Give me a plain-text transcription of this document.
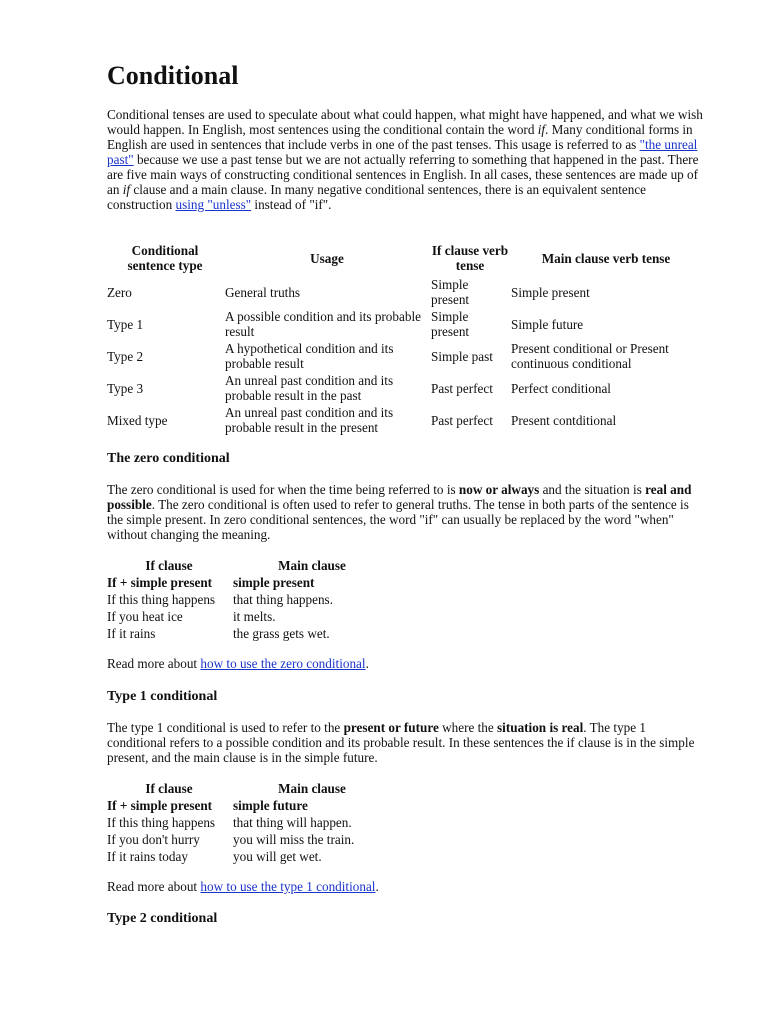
Conditional

Conditional tenses are used to speculate about what could happen, what might have happened, and what we wish would happen. In English, most sentences using the conditional contain the word if. Many conditional forms in English are used in sentences that include verbs in one of the past tenses. This usage is referred to as "the unreal past" because we use a past tense but we are not actually referring to something that happened in the past. There are five main ways of constructing conditional sentences in English. In all cases, these sentences are made up of an if clause and a main clause. In many negative conditional sentences, there is an equivalent sentence construction using "unless" instead of "if".

Conditional sentence type	Usage	If clause verb tense	Main clause verb tense
Zero	General truths	Simple present	Simple present
Type 1	A possible condition and its probable result	Simple present	Simple future
Type 2	A hypothetical condition and its probable result	Simple past	Present conditional or Present continuous conditional
Type 3	An unreal past condition and its probable result in the past	Past perfect	Perfect conditional
Mixed type	An unreal past condition and its probable result in the present	Past perfect	Present contditional
The zero conditional

The zero conditional is used for when the time being referred to is now or always and the situation is real and possible. The zero conditional is often used to refer to general truths. The tense in both parts of the sentence is the simple present. In zero conditional sentences, the word "if" can usually be replaced by the word "when" without changing the meaning.

If clause	Main clause
If + simple present	simple present
If this thing happens	that thing happens.
If you heat ice	it melts.
If it rains	the grass gets wet.

Read more about how to use the zero conditional.

Type 1 conditional

The type 1 conditional is used to refer to the present or future where the situation is real. The type 1 conditional refers to a possible condition and its probable result. In these sentences the if clause is in the simple present, and the main clause is in the simple future.

If clause	Main clause
If + simple present	simple future
If this thing happens	that thing will happen.
If you don't hurry	you will miss the train.
If it rains today	you will get wet.

Read more about how to use the type 1 conditional.

Type 2 conditional
